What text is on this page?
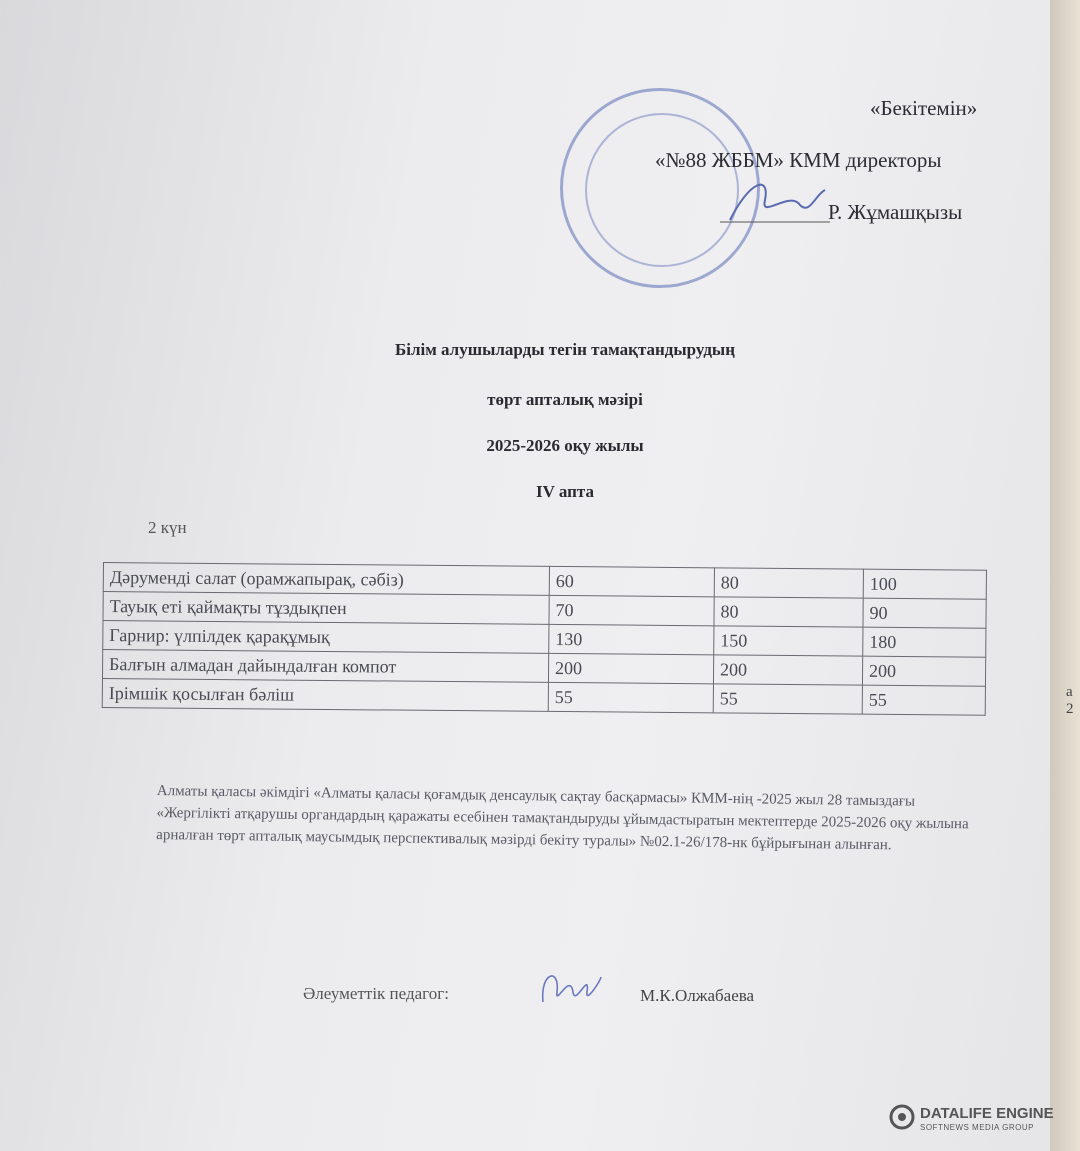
а 2
«Бекітемін»
«№88 ЖББМ» КММ директоры
Р. Жұмашқызы
Білім алушыларды тегін тамақтандырудың
төрт апталық мәзірі
2025-2026 оқу жылы
IV апта
2 күн
Дәрумендi салат (орамжапырақ, сәбіз)	60	80	100
Тауық еті қаймақты тұздықпен	70	80	90
Гарнир: үлпілдек қарақұмық	130	150	180
Балғын алмадан дайындалған компот	200	200	200
Ірімшік қосылған бәліш	55	55	55
Алматы қаласы әкімдігі «Алматы қаласы қоғамдық денсаулық сақтау басқармасы» КММ-нің -2025 жыл 28 тамыздағы «Жергілікті атқарушы органдардың қаражаты есебінен тамақтандыруды ұйымдастыратын мектептерде 2025-2026 оқу жылына арналған төрт апталық маусымдық перспективалық мәзірді бекіту туралы» №02.1-26/178-нк бұйрығынан алынған.
Әлеуметтік педагог:	М.К.Олжабаева
DATALIFE ENGINE
SOFTNEWS MEDIA GROUP
